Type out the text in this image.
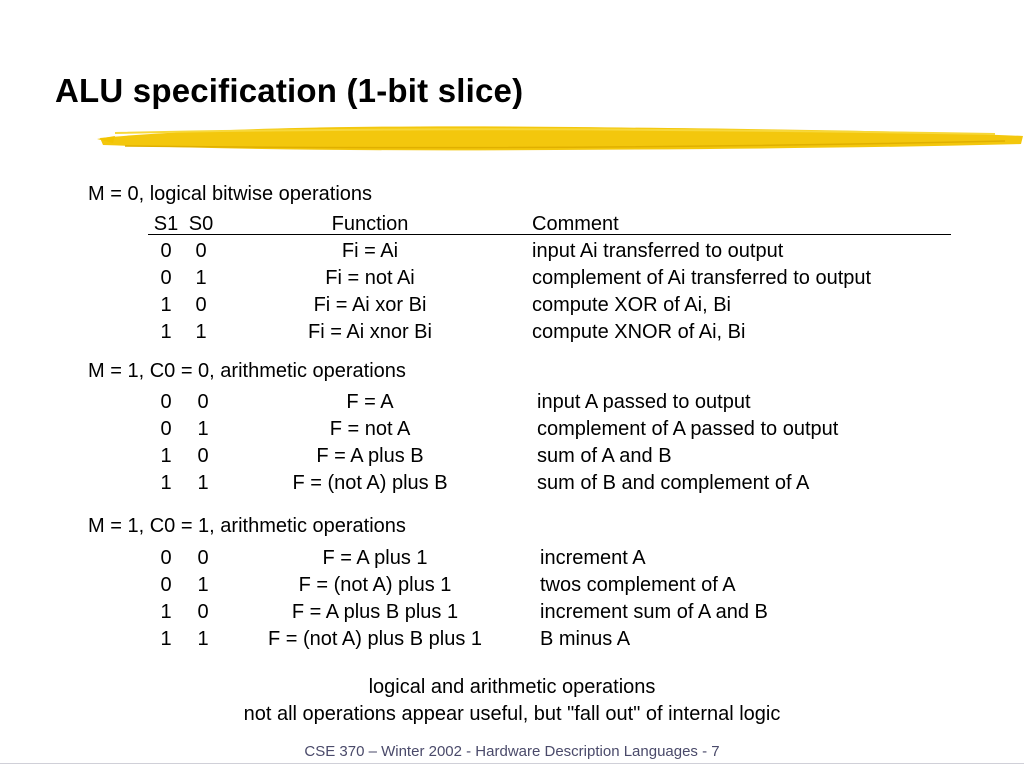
ALU specification (1-bit slice)
M = 0, logical bitwise operations
S1 S0	Function	Comment
0 0	Fi = Ai	input Ai transferred to output
0 1	Fi = not Ai	complement of Ai transferred to output
1 0	Fi = Ai xor Bi	compute XOR of Ai, Bi
1 1	Fi = Ai xnor Bi	compute XNOR of Ai, Bi
M = 1, C0 = 0, arithmetic operations
0 0	F = A	input A passed to output
0 1	F = not A	complement of A passed to output
1 0	F = A plus B	sum of A and B
1 1	F = (not A) plus B	sum of B and complement of A
M = 1, C0 = 1, arithmetic operations
0 0	F = A plus 1	increment A
0 1	F = (not A) plus 1	twos complement of A
1 0	F = A plus B plus 1	increment sum of A and B
1 1	F = (not A) plus B plus 1	B minus A
logical and arithmetic operations
not all operations appear useful, but "fall out" of internal logic
CSE 370 – Winter 2002 - Hardware Description Languages - 7
